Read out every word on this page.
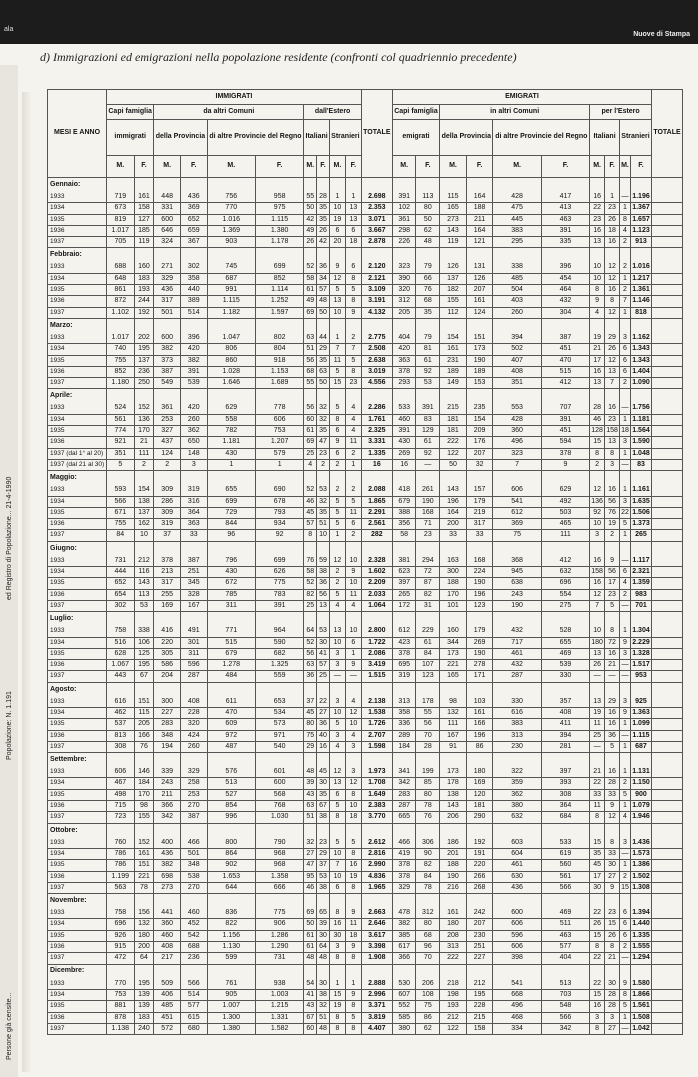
ala
Nuove di Stampa
Popolazione: N. 1.191
ed Registro di Popolazione... 21-4-1990
Persone già censite...
d) Immigrazioni ed emigrazioni nella popolazione residente (confronti col quadriennio precedente)
MESI E ANNO	IMMIGRATI										TOTALE	EMIGRATI										TOTALE
	Capi famiglia		da altri Comuni				dall'Estero					Capi famiglia		in altri Comuni				per l'Estero				
	immigrati		della Provincia		di altre Provincie del Regno		Italiani		Stranieri			emigrati		della Provincia		di altre Provincie del Regno		Italiani		Stranieri		
	M.	F.	M.	F.	M.	F.	M.	F.	M.	F.		M.	F.	M.	F.	M.	F.	M.	F.	M.	F.	
Gennaio:																						
1933	719	161	448	436	756	958	55	28	1	1	2.698	391	113	115	164	428	417	16	1	—	1.196	
1934	673	158	331	369	770	975	50	35	10	13	2.353	102	80	165	188	475	413	22	23	1	1.367	
1935	819	127	600	652	1.016	1.115	42	35	19	13	3.071	361	50	273	211	445	463	23	26	8	1.657	
1936	1.017	185	646	659	1.369	1.380	49	26	6	6	3.667	298	62	143	164	383	391	16	18	4	1.123	
1937	705	119	324	367	903	1.178	26	42	20	18	2.878	226	48	119	121	295	335	13	16	2	913	
Febbraio:																						
1933	688	160	271	302	745	699	52	36	9	6	2.120	323	79	126	131	338	396	10	12	2	1.016	
1934	648	183	329	358	687	852	58	34	12	8	2.121	390	66	137	126	485	454	10	12	1	1.217	
1935	861	193	436	440	991	1.114	61	57	5	5	3.109	320	76	182	207	504	464	8	16	2	1.361	
1936	872	244	317	389	1.115	1.252	49	48	13	8	3.191	312	68	155	161	403	432	9	8	7	1.146	
1937	1.102	192	501	514	1.182	1.597	69	50	10	9	4.132	205	35	112	124	260	304	4	12	1	818	
Marzo:																						
1933	1.017	202	600	396	1.047	802	63	44	1	2	2.775	404	79	154	151	394	387	19	29	3	1.162	
1934	740	195	382	420	806	804	51	29	7	7	2.508	420	81	161	173	502	451	21	26	6	1.343	
1935	755	137	373	382	860	918	56	35	11	5	2.638	363	61	231	190	407	470	17	12	6	1.343	
1936	852	236	387	391	1.028	1.153	68	63	5	8	3.019	378	92	189	189	408	515	16	13	6	1.404	
1937	1.180	250	549	539	1.646	1.689	55	50	15	23	4.556	293	53	149	153	351	412	13	7	2	1.090	
Aprile:																						
1933	524	152	361	420	629	778	56	32	5	4	2.286	533	391	215	235	553	707	28	16	—	1.756	
1934	561	136	253	260	558	606	60	32	8	4	1.761	460	83	181	154	428	391	46	23	1	1.181	
1935	774	170	327	362	782	753	61	35	6	4	2.325	391	129	181	209	360	451	128	158	18	1.564	
1936	921	21	437	650	1.181	1.207	69	47	9	11	3.331	430	61	222	176	496	594	15	13	3	1.590	
1937 (dal 1° al 20)	351	111	124	148	430	579	25	23	6	2	1.335	269	92	122	207	323	378	8	8	1	1.048	
1937 (dal 21 al 30)	5	2	2	3	1	1	4	2	2	1	16	16	—	50	32	7	9	2	3	—	83	
Maggio:																						
1933	593	154	309	319	655	690	52	53	2	2	2.088	418	261	143	157	606	629	12	16	1	1.161	
1934	566	138	286	316	699	678	46	32	5	5	1.865	679	190	196	179	541	492	136	56	3	1.635	
1935	671	137	309	364	729	793	45	35	5	11	2.291	388	168	164	219	612	503	92	76	22	1.506	
1936	755	162	319	363	844	934	57	51	5	6	2.561	356	71	200	317	369	465	10	19	5	1.373	
1937	84	10	37	33	96	92	8	10	1	2	282	58	23	33	33	75	111	3	2	1	265	
Giugno:																						
1933	731	212	378	387	796	699	76	59	12	10	2.328	381	294	163	168	368	412	16	9	—	1.117	
1934	444	116	213	251	430	626	58	38	2	9	1.602	623	72	300	224	945	632	158	56	6	2.321	
1935	652	143	317	345	672	775	52	36	2	10	2.209	397	87	188	190	638	696	16	17	4	1.359	
1936	654	113	255	328	785	783	82	56	5	11	2.033	265	82	170	196	243	554	12	23	2	983	
1937	302	53	169	167	311	391	25	13	4	4	1.064	172	31	101	123	190	275	7	5	—	701	
Luglio:																						
1933	758	338	416	491	771	964	64	53	13	10	2.800	612	229	160	179	432	528	10	8	1	1.304	
1934	516	106	220	301	515	590	52	30	10	6	1.722	423	61	344	269	717	655	180	72	9	2.229	
1935	628	125	305	311	679	682	56	41	3	1	2.086	378	84	173	190	461	469	13	16	3	1.328	
1936	1.067	195	586	596	1.278	1.325	63	57	3	9	3.419	695	107	221	278	432	539	26	21	—	1.517	
1937	443	67	204	287	484	559	36	25	—	—	1.515	319	123	165	171	287	330	—	—	—	953	
Agosto:																						
1933	616	151	300	408	611	653	37	22	3	4	2.138	313	178	98	103	330	357	13	29	3	925	
1934	462	115	227	228	470	534	45	27	10	12	1.538	358	55	132	161	616	408	19	16	9	1.363	
1935	537	205	283	320	609	573	80	36	5	10	1.726	336	56	111	166	383	411	11	16	1	1.099	
1936	813	166	348	424	972	971	75	40	3	4	2.707	289	70	167	196	313	394	25	36	—	1.115	
1937	308	76	194	260	487	540	29	16	4	3	1.598	184	28	91	86	230	281	—	5	1	687	
Settembre:																						
1933	606	146	339	329	576	601	48	45	12	3	1.973	341	199	173	180	322	397	21	16	1	1.131	
1934	467	184	243	258	513	600	39	30	13	12	1.708	342	85	178	169	359	393	22	28	2	1.150	
1935	498	170	211	253	527	568	43	35	6	8	1.649	283	80	138	120	362	308	33	33	5	900	
1936	715	98	366	270	854	768	63	67	5	10	2.383	287	78	143	181	380	364	11	9	1	1.079	
1937	723	155	342	387	996	1.030	51	38	8	18	3.770	665	76	206	290	632	684	8	12	4	1.946	
Ottobre:																						
1933	760	152	400	466	800	790	32	23	5	5	2.612	466	306	186	192	603	533	15	8	3	1.436	
1934	786	161	436	501	864	968	27	29	10	8	2.816	419	90	201	191	604	619	35	33	—	1.573	
1935	786	151	382	348	902	968	47	37	7	16	2.990	378	82	188	220	461	560	45	30	1	1.386	
1936	1.199	221	698	538	1.653	1.358	95	53	10	19	4.836	378	84	190	266	630	561	17	27	2	1.502	
1937	563	78	273	270	644	666	46	38	6	8	1.965	329	78	216	268	436	566	30	9	15	1.308	
Novembre:																						
1933	758	156	441	460	836	775	69	65	8	9	2.663	478	312	161	242	600	469	22	23	6	1.394	
1934	696	132	360	452	822	906	50	39	16	11	2.646	382	80	180	207	606	511	26	15	6	1.440	
1935	926	180	460	542	1.156	1.286	61	30	30	18	3.617	385	68	208	230	596	463	15	26	6	1.335	
1936	915	200	408	688	1.130	1.290	61	64	3	9	3.398	617	96	313	251	606	577	8	8	2	1.555	
1937	472	64	217	236	599	731	48	48	8	8	1.908	366	70	222	227	398	404	22	21	—	1.294	
Dicembre:																						
1933	770	195	509	566	761	938	54	30	1	1	2.888	530	206	218	212	541	513	22	30	9	1.580	
1934	753	139	406	514	905	1.003	41	38	15	9	2.996	607	108	198	195	668	703	15	28	8	1.866	
1935	881	139	485	577	1.007	1.215	43	32	19	8	3.371	552	75	193	228	496	548	16	28	5	1.561	
1936	878	183	451	615	1.300	1.331	67	51	8	5	3.819	585	86	212	215	468	566	3	3	1	1.508	
1937	1.138	240	572	680	1.380	1.582	60	48	8	8	4.407	380	62	122	158	334	342	8	27	—	1.042	
